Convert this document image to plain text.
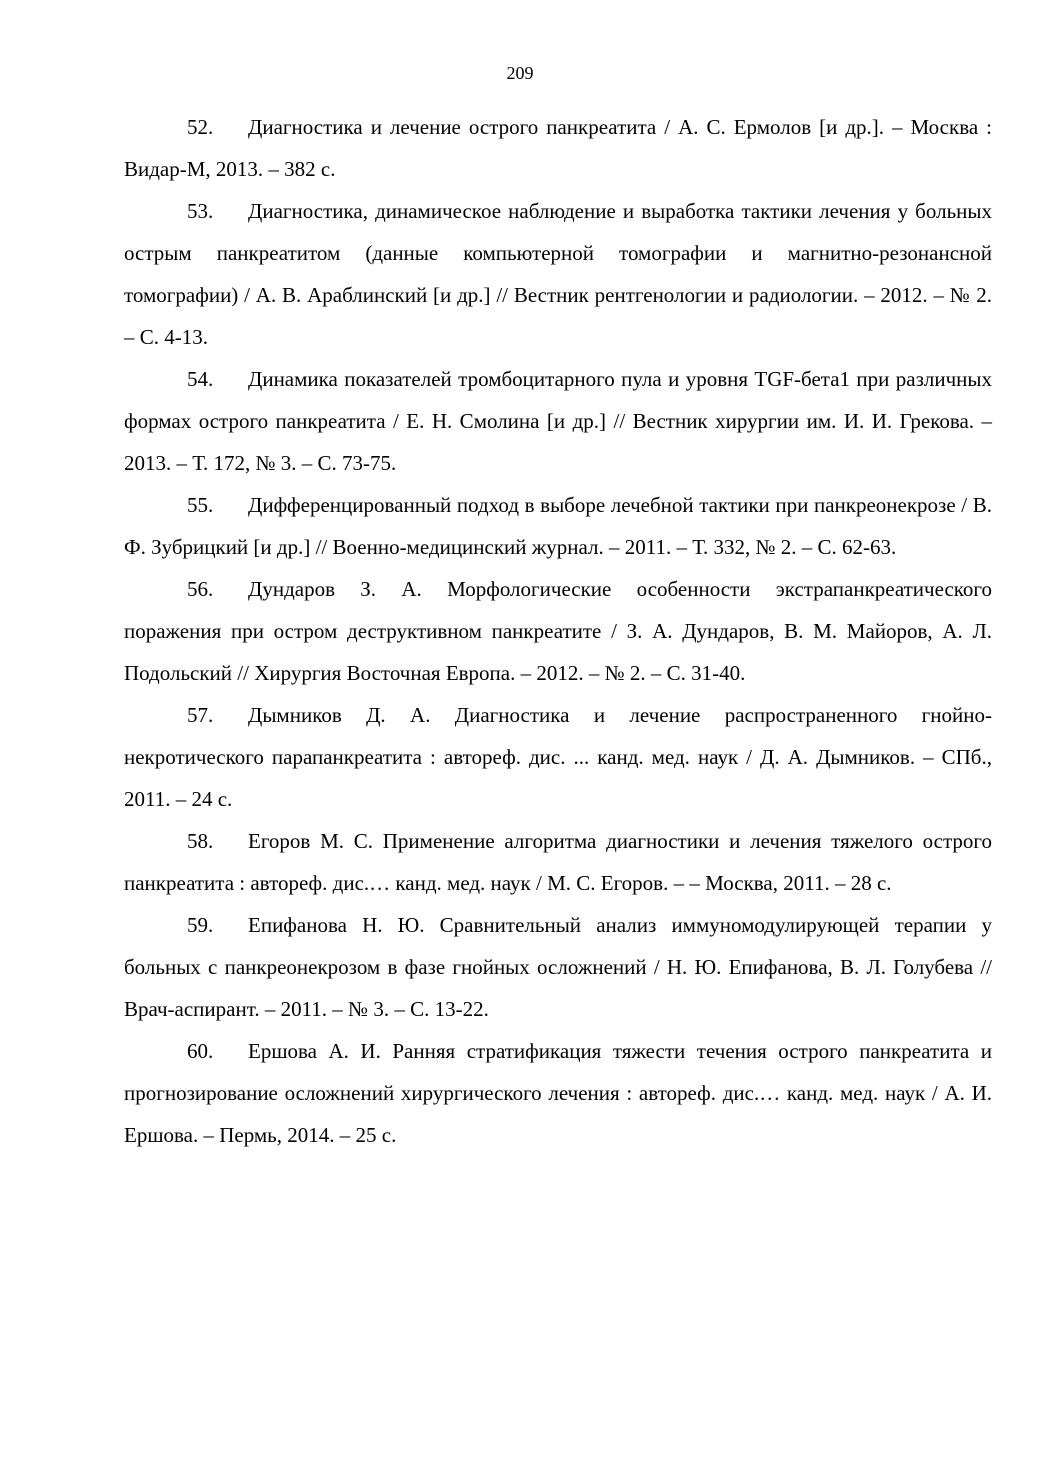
209
52. Диагностика и лечение острого панкреатита / А. С. Ермолов [и др.]. – Москва : Видар-М, 2013. – 382 с.
53. Диагностика, динамическое наблюдение и выработка тактики лечения у больных острым панкреатитом (данные компьютерной томографии и магнитно-резонансной томографии) / А. В. Араблинский [и др.] // Вестник рентгенологии и радиологии. – 2012. – № 2. – С. 4-13.
54. Динамика показателей тромбоцитарного пула и уровня TGF-бета1 при различных формах острого панкреатита / Е. Н. Смолина [и др.] // Вестник хирургии им. И. И. Грекова. – 2013. – Т. 172, № 3. – С. 73-75.
55. Дифференцированный подход в выборе лечебной тактики при панкреонекрозе / В. Ф. Зубрицкий [и др.] // Военно-медицинский журнал. – 2011. – Т. 332, № 2. – С. 62-63.
56. Дундаров З. А. Морфологические особенности экстрапанкреатического поражения при остром деструктивном панкреатите / З. А. Дундаров, В. М. Майоров, А. Л. Подольский // Хирургия Восточная Европа. – 2012. – № 2. – С. 31-40.
57. Дымников Д. А. Диагностика и лечение распространенного гнойно-некротического парапанкреатита : автореф. дис. ... канд. мед. наук / Д. А. Дымников. – СПб., 2011. – 24 с.
58. Егоров М. С. Применение алгоритма диагностики и лечения тяжелого острого панкреатита : автореф. дис.… канд. мед. наук / М. С. Егоров. – – Москва, 2011. – 28 с.
59. Епифанова Н. Ю. Сравнительный анализ иммуномодулирующей терапии у больных с панкреонекрозом в фазе гнойных осложнений / Н. Ю. Епифанова, В. Л. Голубева // Врач-аспирант. – 2011. – № 3. – С. 13-22.
60. Ершова А. И. Ранняя стратификация тяжести течения острого панкреатита и прогнозирование осложнений хирургического лечения : автореф. дис.… канд. мед. наук / А. И. Ершова. – Пермь, 2014. – 25 с.
